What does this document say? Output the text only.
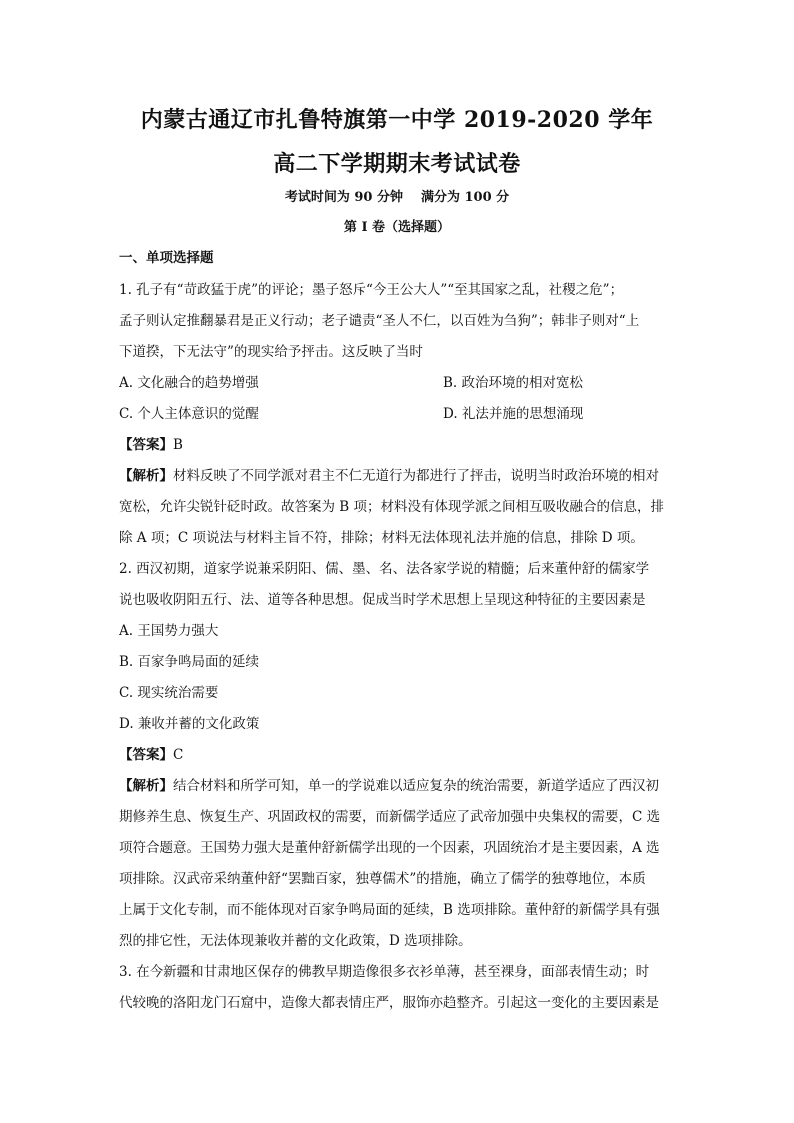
内蒙古通辽市扎鲁特旗第一中学 2019-2020 学年
高二下学期期末考试试卷
考试时间为 90 分钟 满分为 100 分
第 I 卷（选择题）
一、单项选择题
1. 孔子有“苛政猛于虎”的评论；墨子怒斥“今王公大人”“至其国家之乱，社稷之危”；
孟子则认定推翻暴君是正义行动；老子谴责“圣人不仁，以百姓为刍狗”；韩非子则对“上
下道揆，下无法守”的现实给予抨击。这反映了当时
A. 文化融合的趋势增强	B. 政治环境的相对宽松
C. 个人主体意识的觉醒	D. 礼法并施的思想涌现
【答案】B
【解析】材料反映了不同学派对君主不仁无道行为都进行了抨击，说明当时政治环境的相对
宽松，允许尖锐针砭时政。故答案为 B 项；材料没有体现学派之间相互吸收融合的信息，排
除 A 项；C 项说法与材料主旨不符，排除；材料无法体现礼法并施的信息，排除 D 项。
2. 西汉初期，道家学说兼采阴阳、儒、墨、名、法各家学说的精髓；后来董仲舒的儒家学
说也吸收阴阳五行、法、道等各种思想。促成当时学术思想上呈现这种特征的主要因素是
A. 王国势力强大
B. 百家争鸣局面的延续
C. 现实统治需要
D. 兼收并蓄的文化政策
【答案】C
【解析】结合材料和所学可知，单一的学说难以适应复杂的统治需要，新道学适应了西汉初
期修养生息、恢复生产、巩固政权的需要，而新儒学适应了武帝加强中央集权的需要，C 选
项符合题意。王国势力强大是董仲舒新儒学出现的一个因素，巩固统治才是主要因素，A 选
项排除。汉武帝采纳董仲舒“罢黜百家，独尊儒术”的措施，确立了儒学的独尊地位，本质
上属于文化专制，而不能体现对百家争鸣局面的延续，B 选项排除。董仲舒的新儒学具有强
烈的排它性，无法体现兼收并蓄的文化政策，D 选项排除。
3. 在今新疆和甘肃地区保存的佛教早期造像很多衣衫单薄，甚至裸身，面部表情生动；时
代较晚的洛阳龙门石窟中，造像大都表情庄严，服饰亦趋整齐。引起这一变化的主要因素是
